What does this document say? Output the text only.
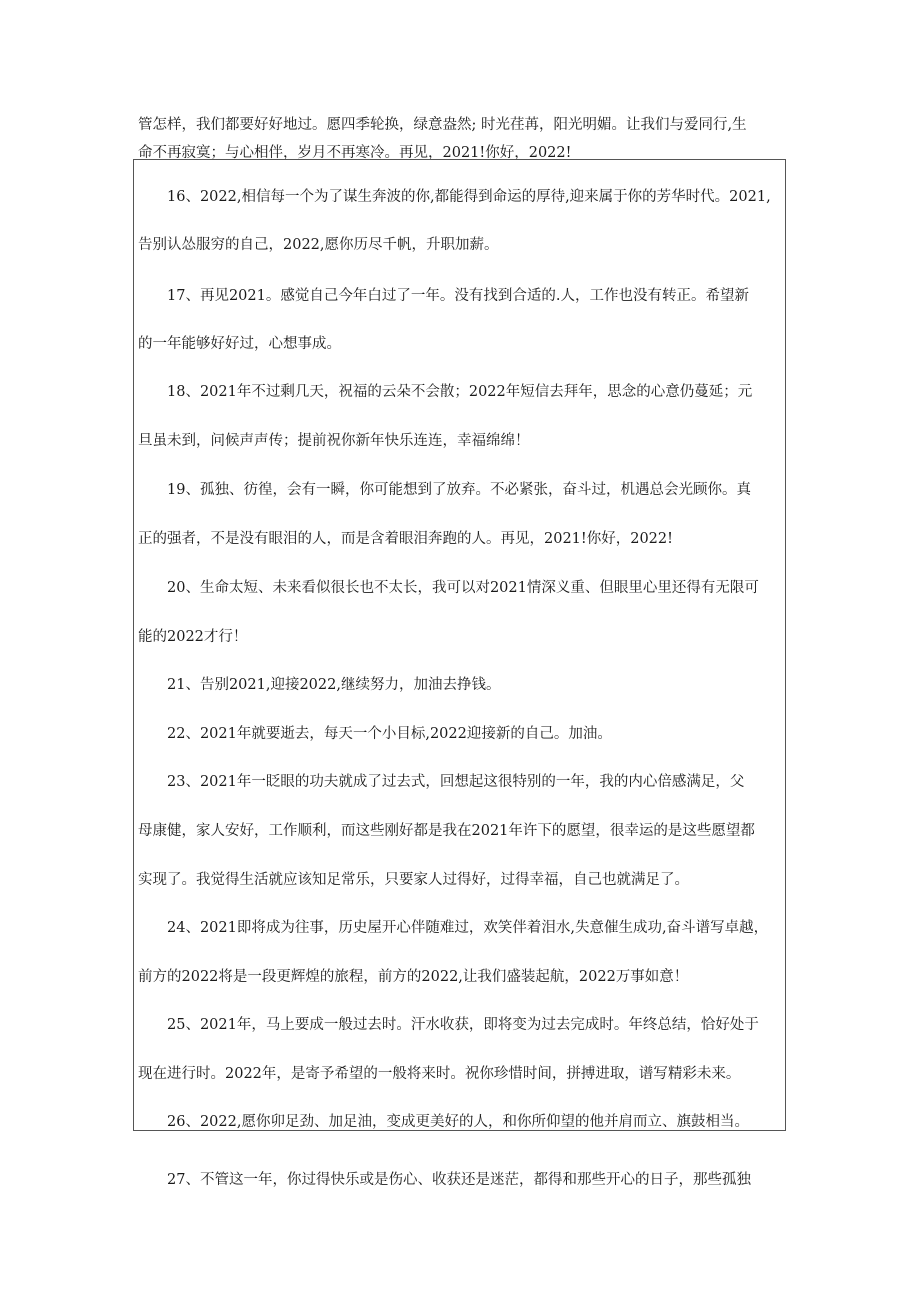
管怎样，我们都要好好地过。愿四季轮换，绿意盎然; 时光荏苒，阳光明媚。让我们与爱同行,生

命不再寂寞；与心相伴，岁月不再寒冷。再见，2021!你好，2022!

16、2022,相信每一个为了谋生奔波的你,都能得到命运的厚待,迎来属于你的芳华时代。2021,

告别认怂服穷的自己，2022,愿你历尽千帆，升职加薪。

17、再见2021。感觉自己今年白过了一年。没有找到合适的.人，工作也没有转正。希望新

的一年能够好好过，心想事成。

18、2021年不过剩几天，祝福的云朵不会散；2022年短信去拜年，思念的心意仍蔓延；元

旦虽未到，问候声声传；提前祝你新年快乐连连，幸福绵绵！

19、孤独、彷徨，会有一瞬，你可能想到了放弃。不必紧张，奋斗过，机遇总会光顾你。真

正的强者，不是没有眼泪的人，而是含着眼泪奔跑的人。再见，2021!你好，2022!

20、生命太短、未来看似很长也不太长，我可以对2021情深义重、但眼里心里还得有无限可

能的2022才行！

21、告别2021,迎接2022,继续努力，加油去挣钱。

22、2021年就要逝去，每天一个小目标,2022迎接新的自己。加油。

23、2021年一眨眼的功夫就成了过去式，回想起这很特别的一年，我的内心倍感满足，父

母康健，家人安好，工作顺利，而这些刚好都是我在2021年许下的愿望，很幸运的是这些愿望都

实现了。我觉得生活就应该知足常乐，只要家人过得好，过得幸福，自己也就满足了。

24、2021即将成为往事，历史屋开心伴随难过，欢笑伴着泪水,失意催生成功,奋斗谱写卓越，

前方的2022将是一段更辉煌的旅程，前方的2022,让我们盛装起航，2022万事如意！

25、2021年，马上要成一般过去时。汗水收获，即将变为过去完成时。年终总结，恰好处于

现在进行时。2022年，是寄予希望的一般将来时。祝你珍惜时间，拼搏进取，谱写精彩未来。

26、2022,愿你卯足劲、加足油，变成更美好的人，和你所仰望的他并肩而立、旗鼓相当。

27、不管这一年，你过得快乐或是伤心、收获还是迷茫，都得和那些开心的日子，那些孤独
